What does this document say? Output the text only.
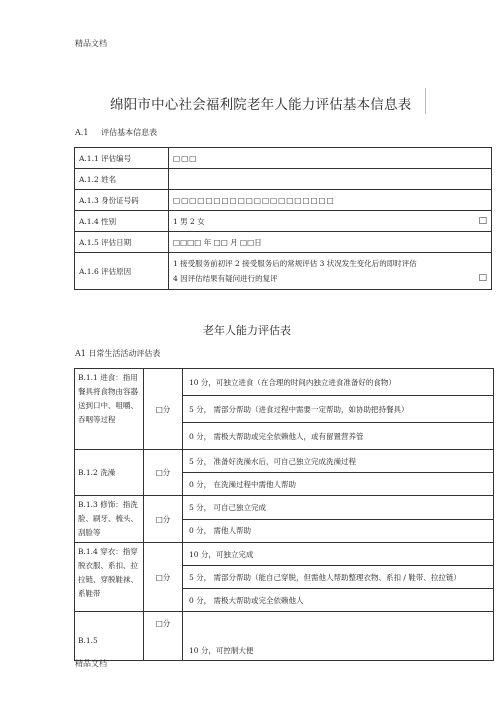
精品文档
绵阳市中心社会福利院老年人能力评估基本信息表
A.1 评估基本信息表
A.1.1 评估编号	□□□
A.1.2 姓名	
A.1.3 身份证号码	□□□□□□□□□□□□□□□□□□□□
A.1.4 性别	1 男 2 女 □

A.1.5 评估日期	□□□□ 年 □□ 月 □□日
A.1.6 评估原因	1 接受服务前初评 2 接受服务后的常规评估 3 状况发生变化后的即时评估
4 因评估结果有疑问进行的复评 □
老年人能力评估表
A1 日常生活活动评估表
B.1.1 进食：指用餐具将食物由容器送到口中、咀嚼、吞咽等过程	□分	10 分，可独立进食（在合理的时间内独立进食准备好的食物）
		5 分， 需部分帮助（进食过程中需要一定帮助，如协助把持餐具）
		0 分， 需极大帮助或完全依赖他人，或有留置营养管
B.1.2 洗澡	□分	5 分， 准备好洗澡水后，可自己独立完成洗澡过程
		0 分， 在洗澡过程中需他人帮助
B.1.3 修饰：指洗脸、刷牙、梳头、刮脸等	□分	5 分， 可自己独立完成
		0 分， 需他人帮助
B.1.4 穿衣：指穿脱衣服、系扣、拉拉链、穿脱鞋袜、系鞋带	□分	10 分，可独立完成
		5 分， 需部分帮助（能自己穿脱，但需他人帮助整理衣物、系扣 / 鞋带、拉拉链）
		0 分， 需极大帮助或完全依赖他人
B.1.5	□分	10 分，可控制大便
精品文档
